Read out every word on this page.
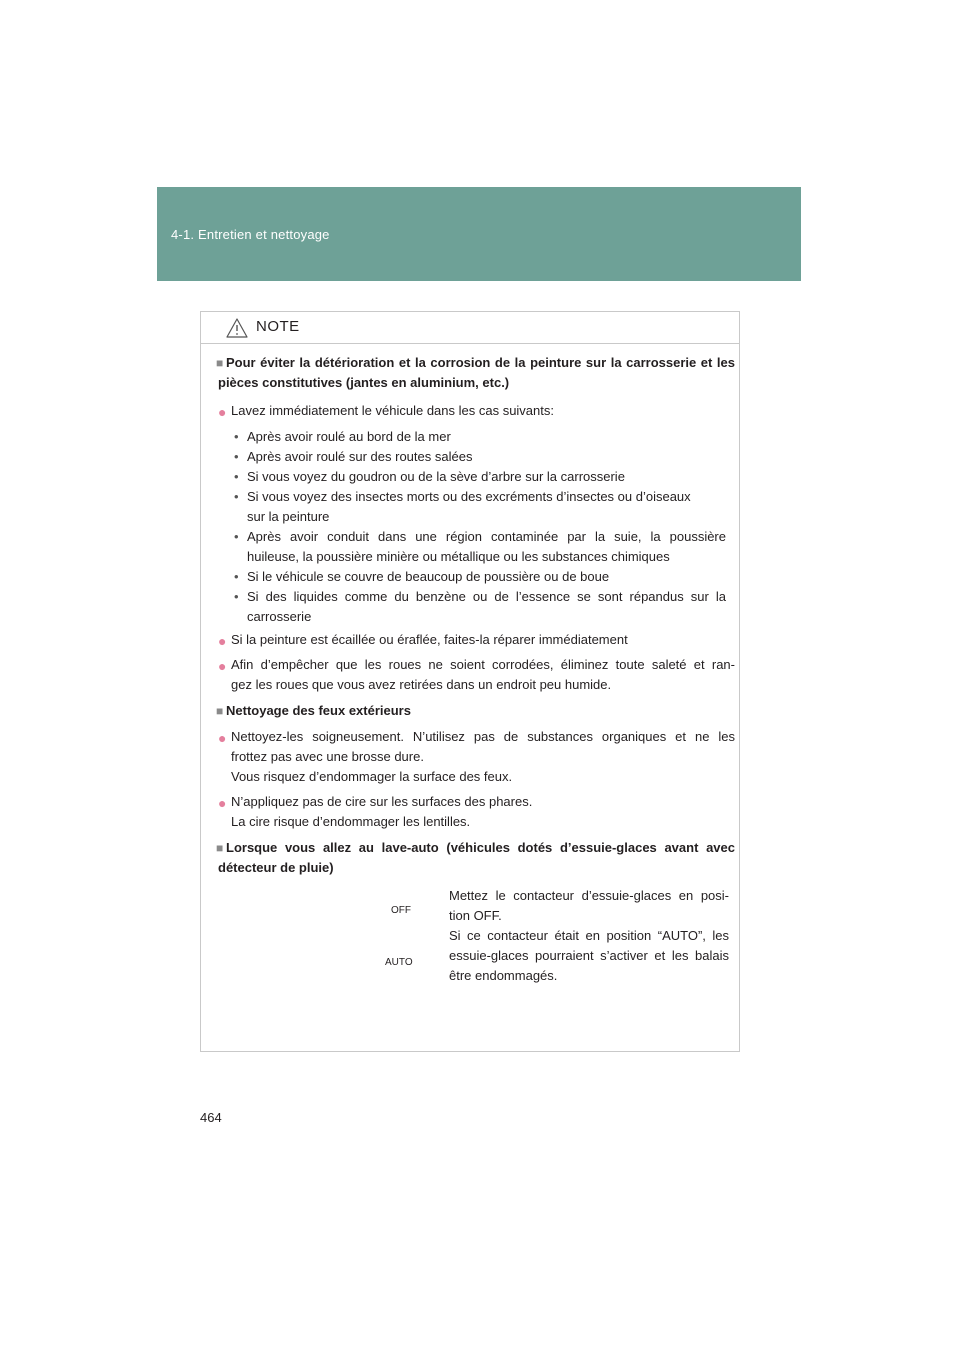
4-1. Entretien et nettoyage
NOTE
■ Pour éviter la détérioration et la corrosion de la peinture sur la carrosserie et les
pièces constitutives (jantes en aluminium, etc.)
● Lavez immédiatement le véhicule dans les cas suivants:
• Après avoir roulé au bord de la mer
• Après avoir roulé sur des routes salées
• Si vous voyez du goudron ou de la sève d’arbre sur la carrosserie
• Si vous voyez des insectes morts ou des excréments d’insectes ou d’oiseaux
sur la peinture
• Après avoir conduit dans une région contaminée par la suie, la poussière
huileuse, la poussière minière ou métallique ou les substances chimiques
• Si le véhicule se couvre de beaucoup de poussière ou de boue
• Si des liquides comme du benzène ou de l’essence se sont répandus sur la
carrosserie
● Si la peinture est écaillée ou éraflée, faites-la réparer immédiatement
● Afin d’empêcher que les roues ne soient corrodées, éliminez toute saleté et ran-
gez les roues que vous avez retirées dans un endroit peu humide.
■ Nettoyage des feux extérieurs
● Nettoyez-les soigneusement. N’utilisez pas de substances organiques et ne les
frottez pas avec une brosse dure.
Vous risquez d’endommager la surface des feux.
● N’appliquez pas de cire sur les surfaces des phares.
La cire risque d’endommager les lentilles.
■ Lorsque vous allez au lave-auto (véhicules dotés d’essuie-glaces avant avec
détecteur de pluie)
OFF
AUTO
Mettez le contacteur d’essuie-glaces en posi-
tion OFF.
Si ce contacteur était en position “AUTO”, les
essuie-glaces pourraient s’activer et les balais
être endommagés.
464
